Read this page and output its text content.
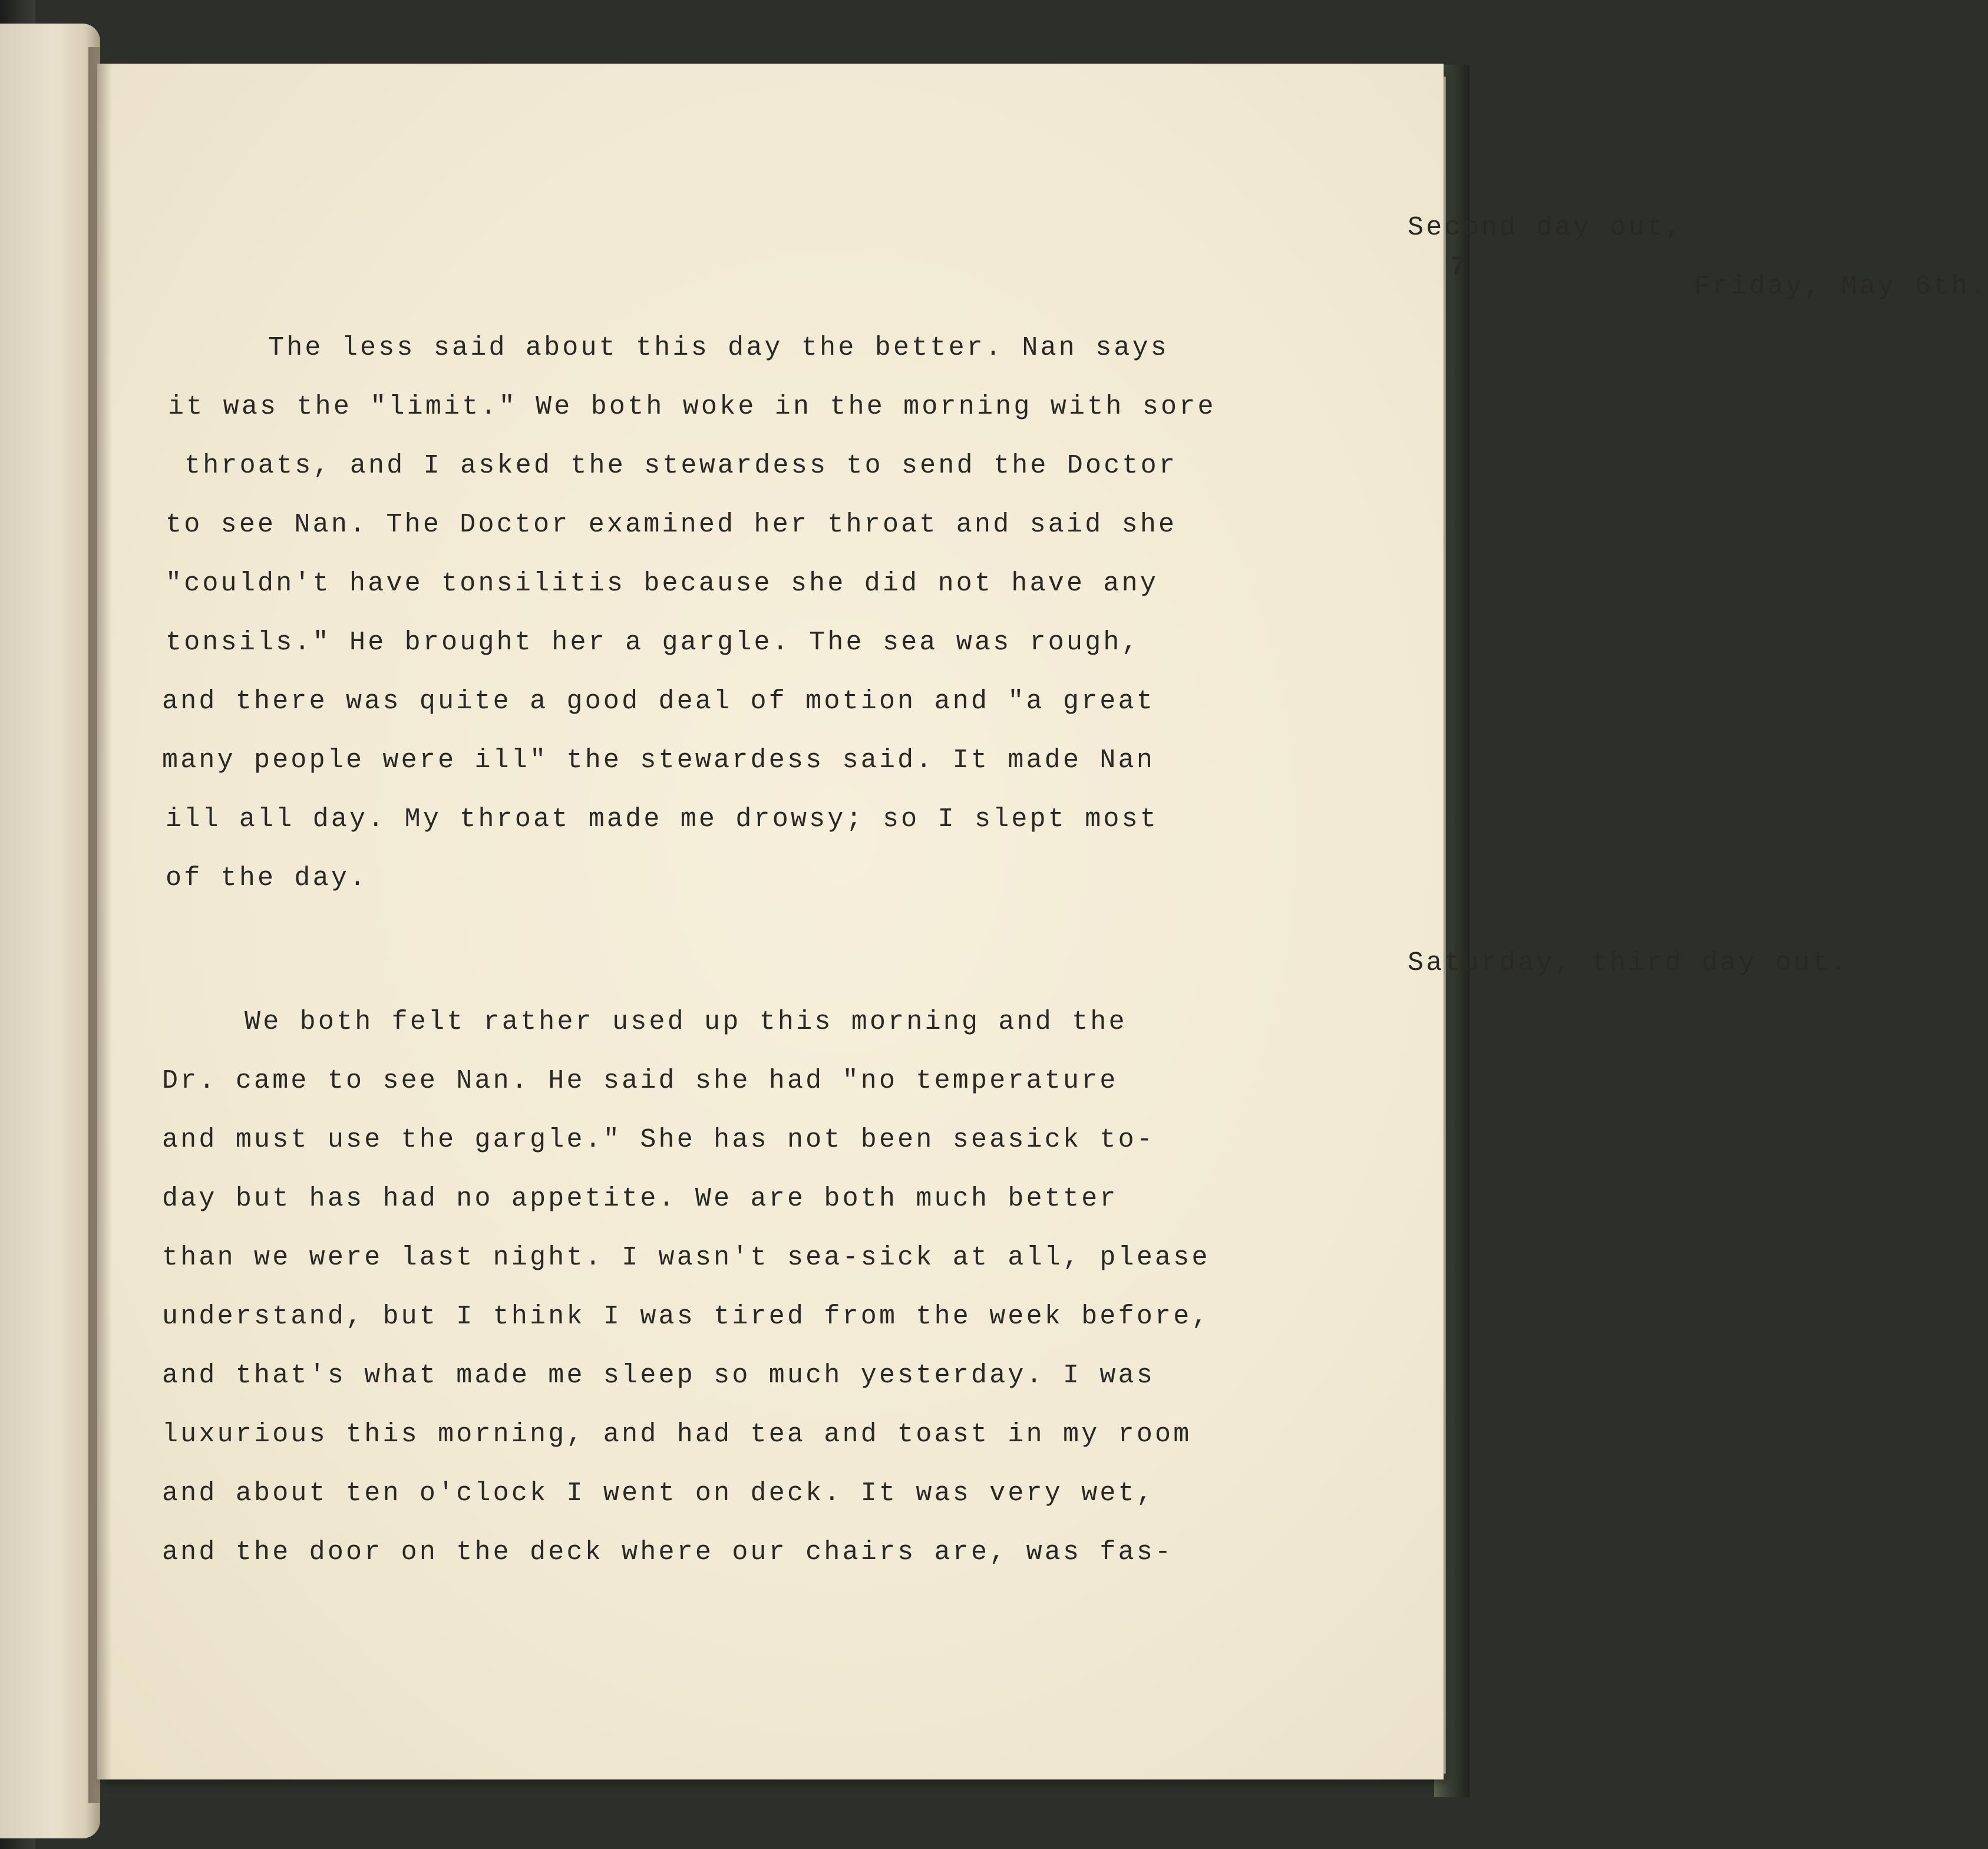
7
Second day out,
Friday, May 6th.
The less said about this day the better. Nan says
it was the "limit." We both woke in the morning with sore
throats, and I asked the stewardess to send the Doctor
to see Nan. The Doctor examined her throat and said she
"couldn't have tonsilitis because she did not have any
tonsils." He brought her a gargle. The sea was rough,
and there was quite a good deal of motion and "a great
many people were ill" the stewardess said. It made Nan
ill all day. My throat made me drowsy; so I slept most
of the day.
Saturday, third day out.
We both felt rather used up this morning and the
Dr. came to see Nan. He said she had "no temperature
and must use the gargle." She has not been seasick to-
day but has had no appetite. We are both much better
than we were last night. I wasn't sea-sick at all, please
understand, but I think I was tired from the week before,
and that's what made me sleep so much yesterday. I was
luxurious this morning, and had tea and toast in my room
and about ten o'clock I went on deck. It was very wet,
and the door on the deck where our chairs are, was fas-
